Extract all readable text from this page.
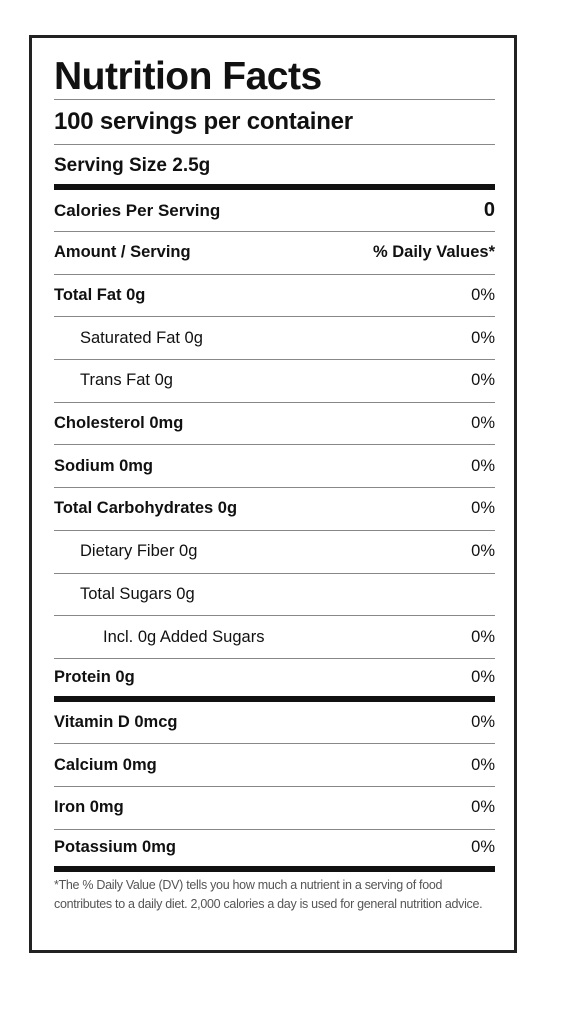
Nutrition Facts
100 servings per container
Serving Size 2.5g
Calories Per Serving	0
Amount / Serving	% Daily Values*
Total Fat 0g	0%
Saturated Fat 0g	0%
Trans Fat 0g	0%
Cholesterol 0mg	0%
Sodium 0mg	0%
Total Carbohydrates 0g	0%
Dietary Fiber 0g	0%
Total Sugars 0g
Incl. 0g Added Sugars	0%
Protein 0g	0%
Vitamin D 0mcg	0%
Calcium 0mg	0%
Iron 0mg	0%
Potassium 0mg	0%
*The % Daily Value (DV) tells you how much a nutrient in a serving of food contributes to a daily diet. 2,000 calories a day is used for general nutrition advice.
